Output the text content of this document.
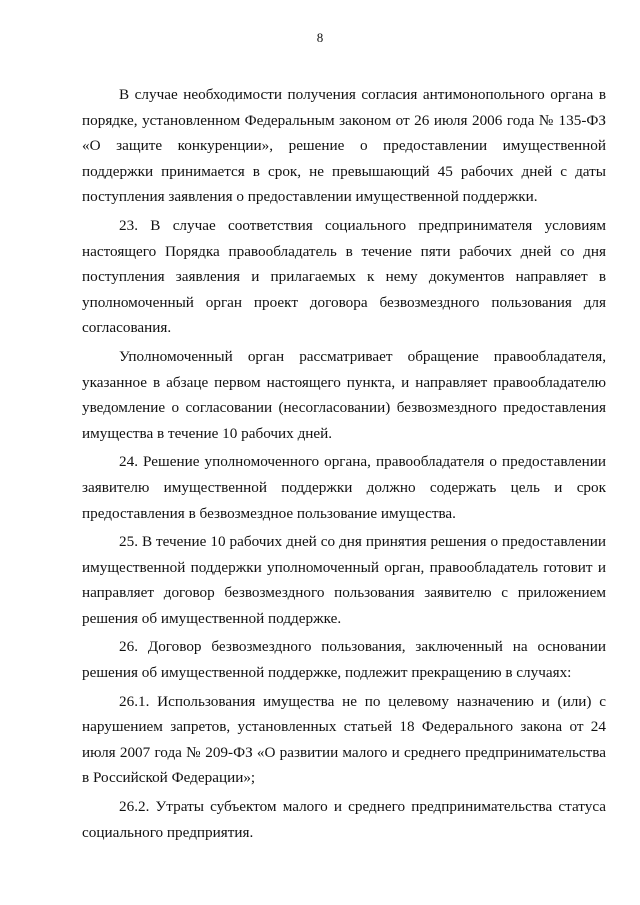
8

В случае необходимости получения согласия антимонопольного органа в порядке, установленном Федеральным законом от 26 июля 2006 года № 135-ФЗ «О защите конкуренции», решение о предоставлении имущественной поддержки принимается в срок, не превышающий 45 рабочих дней с даты поступления заявления о предоставлении имущественной поддержки.

23. В случае соответствия социального предпринимателя условиям настоящего Порядка правообладатель в течение пяти рабочих дней со дня поступления заявления и прилагаемых к нему документов направляет в уполномоченный орган проект договора безвозмездного пользования для согласования.

Уполномоченный орган рассматривает обращение правообладателя, указанное в абзаце первом настоящего пункта, и направляет правообладателю уведомление о согласовании (несогласовании) безвозмездного предоставления имущества в течение 10 рабочих дней.

24. Решение уполномоченного органа, правообладателя о предоставлении заявителю имущественной поддержки должно содержать цель и срок предоставления в безвозмездное пользование имущества.

25. В течение 10 рабочих дней со дня принятия решения о предоставлении имущественной поддержки уполномоченный орган, правообладатель готовит и направляет договор безвозмездного пользования заявителю с приложением решения об имущественной поддержке.

26. Договор безвозмездного пользования, заключенный на основании решения об имущественной поддержке, подлежит прекращению в случаях:

26.1. Использования имущества не по целевому назначению и (или) с нарушением запретов, установленных статьей 18 Федерального закона от 24 июля 2007 года № 209-ФЗ «О развитии малого и среднего предпринимательства в Российской Федерации»;

26.2. Утраты субъектом малого и среднего предпринимательства статуса социального предприятия.
